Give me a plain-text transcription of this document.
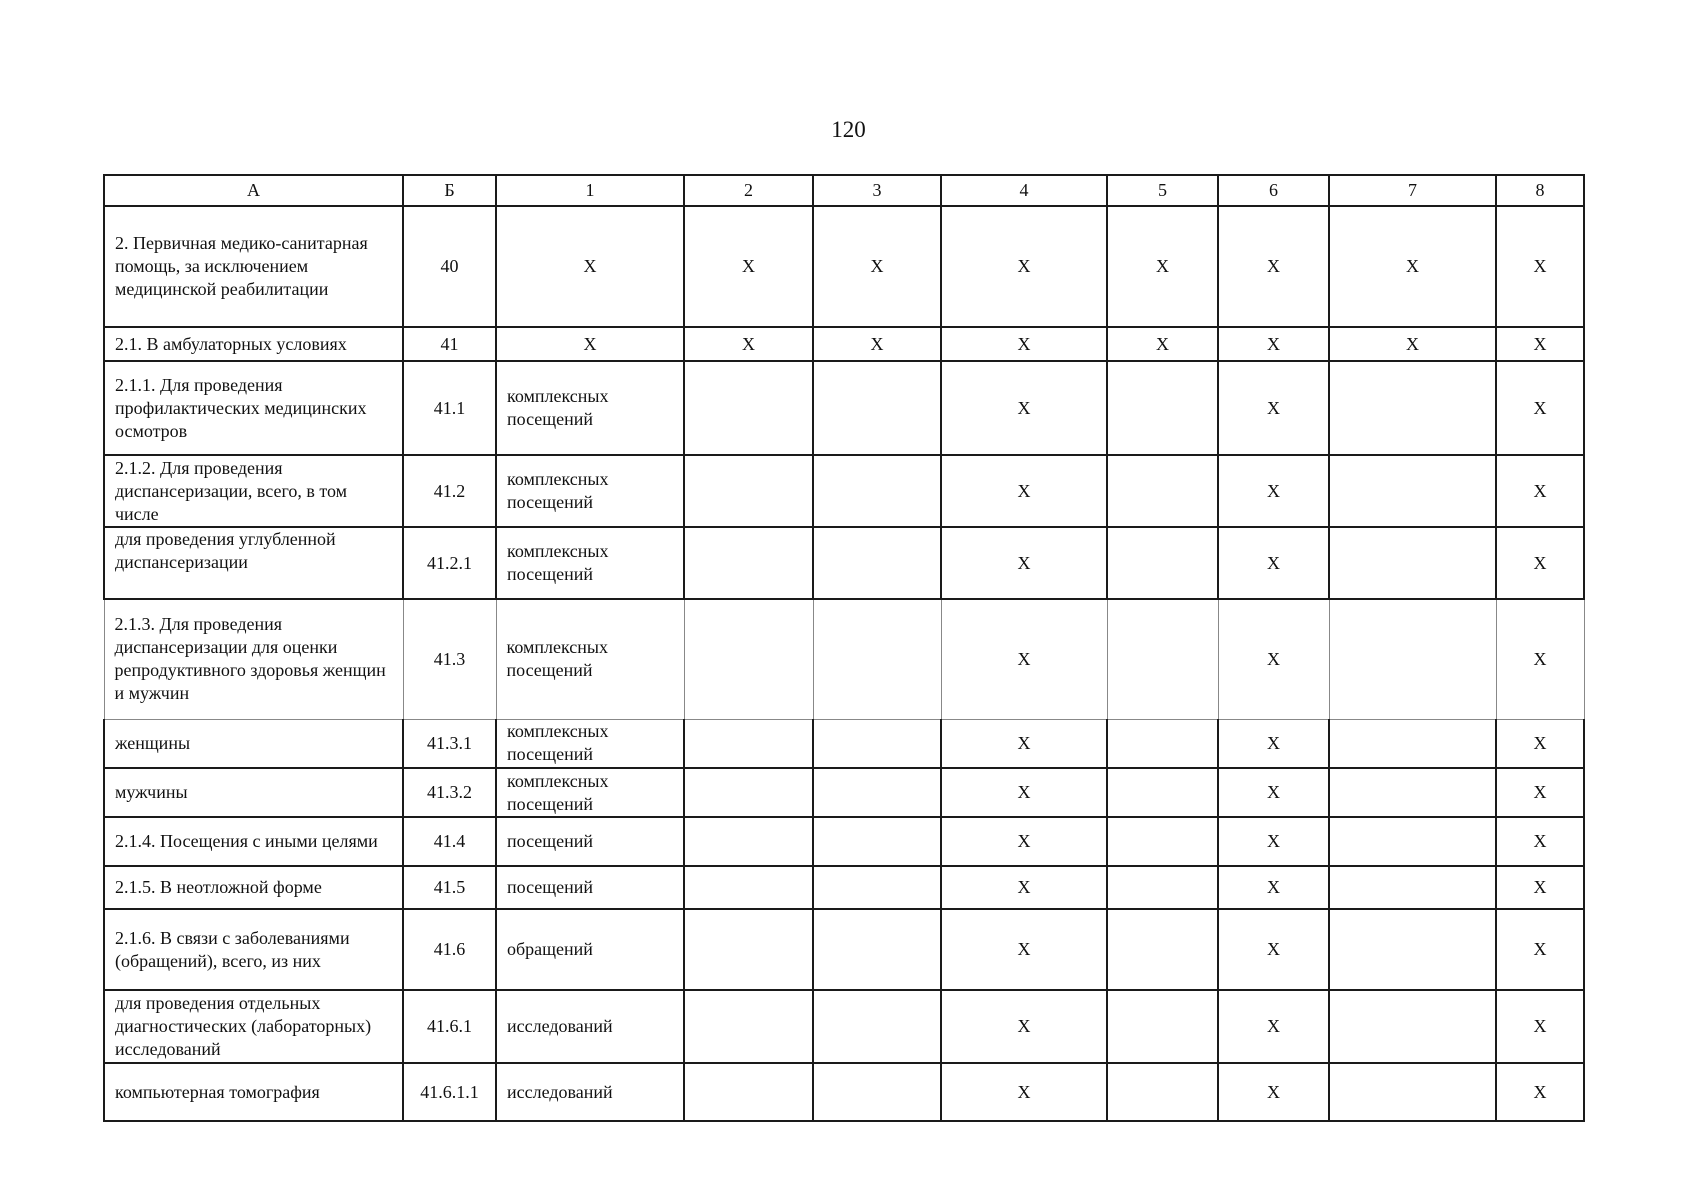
120
А	Б	1	2	3	4	5	6	7	8
2. Первичная медико-санитарная помощь, за исключением медицинской реабилитации	40	X	X	X	X	X	X	X	X
2.1. В амбулаторных условиях	41	X	X	X	X	X	X	X	X
2.1.1. Для проведения профилактических медицинских осмотров	41.1	комплексных посещений			X		X		X
2.1.2. Для проведения диспансеризации, всего, в том числе	41.2	комплексных посещений			X		X		X
для проведения углубленной диспансеризации	41.2.1	комплексных посещений			X		X		X
2.1.3. Для проведения диспансеризации для оценки репродуктивного здоровья женщин и мужчин	41.3	комплексных посещений			X		X		X
женщины	41.3.1	комплексных посещений			X		X		X
мужчины	41.3.2	комплексных посещений			X		X		X
2.1.4. Посещения с иными целями	41.4	посещений			X		X		X
2.1.5. В неотложной форме	41.5	посещений			X		X		X
2.1.6. В связи с заболеваниями (обращений), всего, из них	41.6	обращений			X		X		X
для проведения отдельных диагностических (лабораторных) исследований	41.6.1	исследований			X		X		X
компьютерная томография	41.6.1.1	исследований			X		X		X
